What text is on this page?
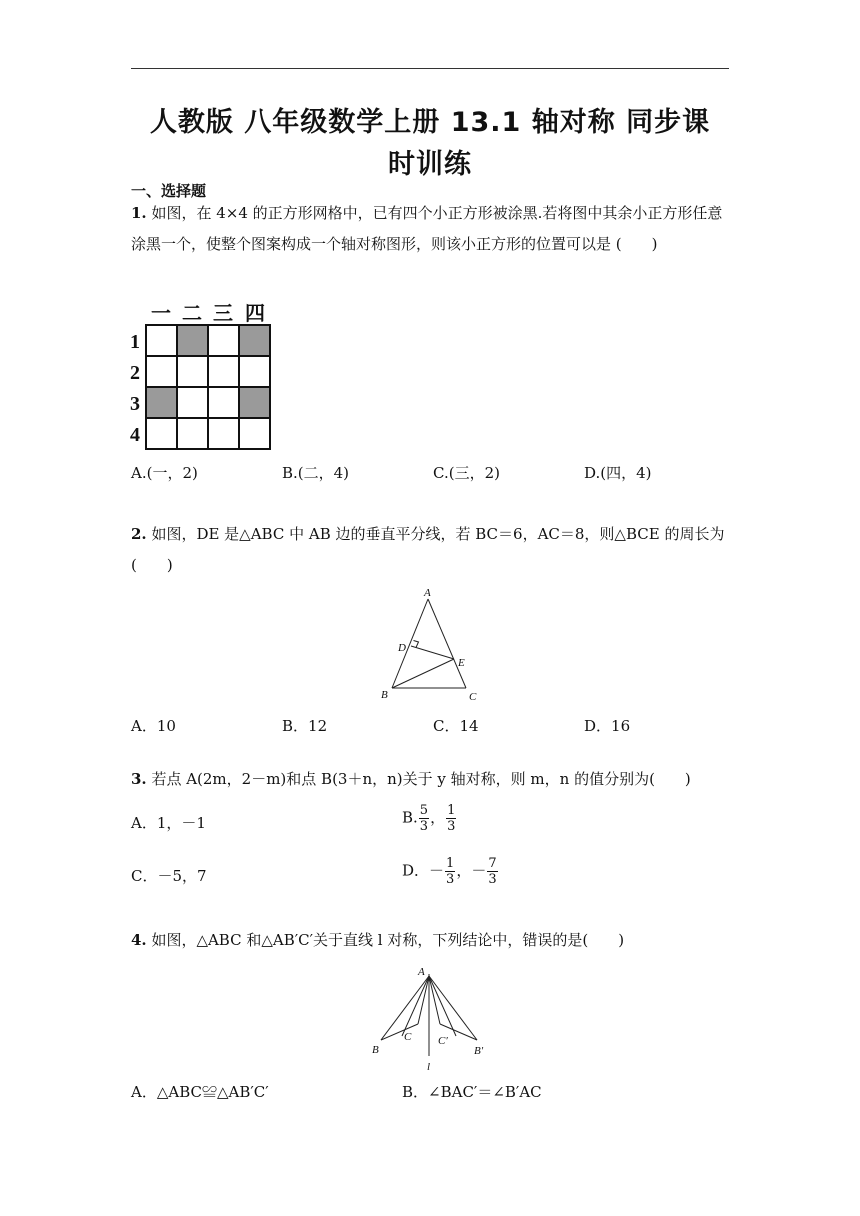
人教版 八年级数学上册 13.1 轴对称 同步课
时训练
一、选择题
1. 如图，在 4×4 的正方形网格中，已有四个小正方形被涂黑.若将图中其余小正方形任意涂黑一个，使整个图案构成一个轴对称图形，则该小正方形的位置可以是 (　　)
一 二 三 四
1
2
3
4
A.(一，2)	B.(二，4)	C.(三，2)	D.(四，4)
2. 如图，DE 是△ABC 中 AB 边的垂直平分线，若 BC＝6，AC＝8，则△BCE 的周长为(　　)
A
D
E
B	C
A．10	B．12	C．14	D．16
3. 若点 A(2m，2－m)和点 B(3＋n，n)关于 y 轴对称，则 m，n 的值分别为(　　)
A．1，－1	B. $\frac{5}{3}$ ， $\frac{1}{3}$
C．－5，7	D．－ $\frac{1}{3}$ ，－ $\frac{7}{3}$
4. 如图，△ABC 和△AB′C′关于直线 l 对称，下列结论中，错误的是(　　)
A
B
C C′
B′
l
A．△ABC≌△AB′C′	B．∠BAC′＝∠B′AC
